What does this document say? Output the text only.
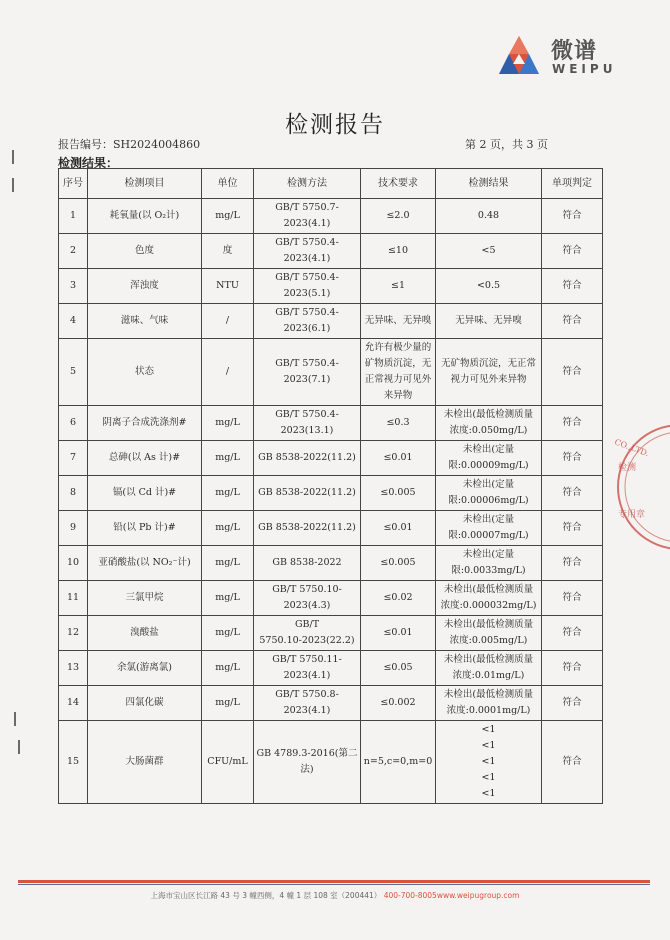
微谱
WEIPU
检测报告
报告编号：SH2024004860	第 2 页，共 3 页
检测结果：
序号	检测项目	单位	检测方法	技术要求	检测结果	单项判定
1	耗氧量(以 O₂计)	mg/L	GB/T 5750.7-2023(4.1)	≤2.0	0.48	符合
2	色度	度	GB/T 5750.4-2023(4.1)	≤10	<5	符合
3	浑浊度	NTU	GB/T 5750.4-2023(5.1)	≤1	<0.5	符合
4	滋味、气味	/	GB/T 5750.4-2023(6.1)	无异味、无异嗅	无异味、无异嗅	符合
5	状态	/	GB/T 5750.4-2023(7.1)	允许有极少量的
矿物质沉淀，无
正常视力可见外
来异物	无矿物质沉淀，无正常
视力可见外来异物	符合
6	阴离子合成洗涤剂#	mg/L	GB/T 5750.4-2023(13.1)	≤0.3	未检出(最低检测质量
浓度:0.050mg/L)	符合
7	总砷(以 As 计)#	mg/L	GB 8538-2022(11.2)	≤0.01	未检出(定量
限:0.00009mg/L)	符合
8	镉(以 Cd 计)#	mg/L	GB 8538-2022(11.2)	≤0.005	未检出(定量
限:0.00006mg/L)	符合
9	铅(以 Pb 计)#	mg/L	GB 8538-2022(11.2)	≤0.01	未检出(定量
限:0.00007mg/L)	符合
10	亚硝酸盐(以 NO₂⁻计)	mg/L	GB 8538-2022	≤0.005	未检出(定量
限:0.0033mg/L)	符合
11	三氯甲烷	mg/L	GB/T 5750.10-2023(4.3)	≤0.02	未检出(最低检测质量
浓度:0.000032mg/L)	符合
12	溴酸盐	mg/L	GB/T
5750.10-2023(22.2)	≤0.01	未检出(最低检测质量
浓度:0.005mg/L)	符合
13	余氯(游离氯)	mg/L	GB/T 5750.11-2023(4.1)	≤0.05	未检出(最低检测质量
浓度:0.01mg/L)	符合
14	四氯化碳	mg/L	GB/T 5750.8-2023(4.1)	≤0.002	未检出(最低检测质量
浓度:0.0001mg/L)	符合
15	大肠菌群	CFU/mL	GB 4789.3-2016(第二法)	n=5,c=0,m=0	<1
<1
<1
<1
<1	符合
CO.,LTD.
检测
专用章
上海市宝山区长江路 43 号 3 幢西侧，4 幢 1 层 108 室（200441） 400-700-8005www.weipugroup.com
